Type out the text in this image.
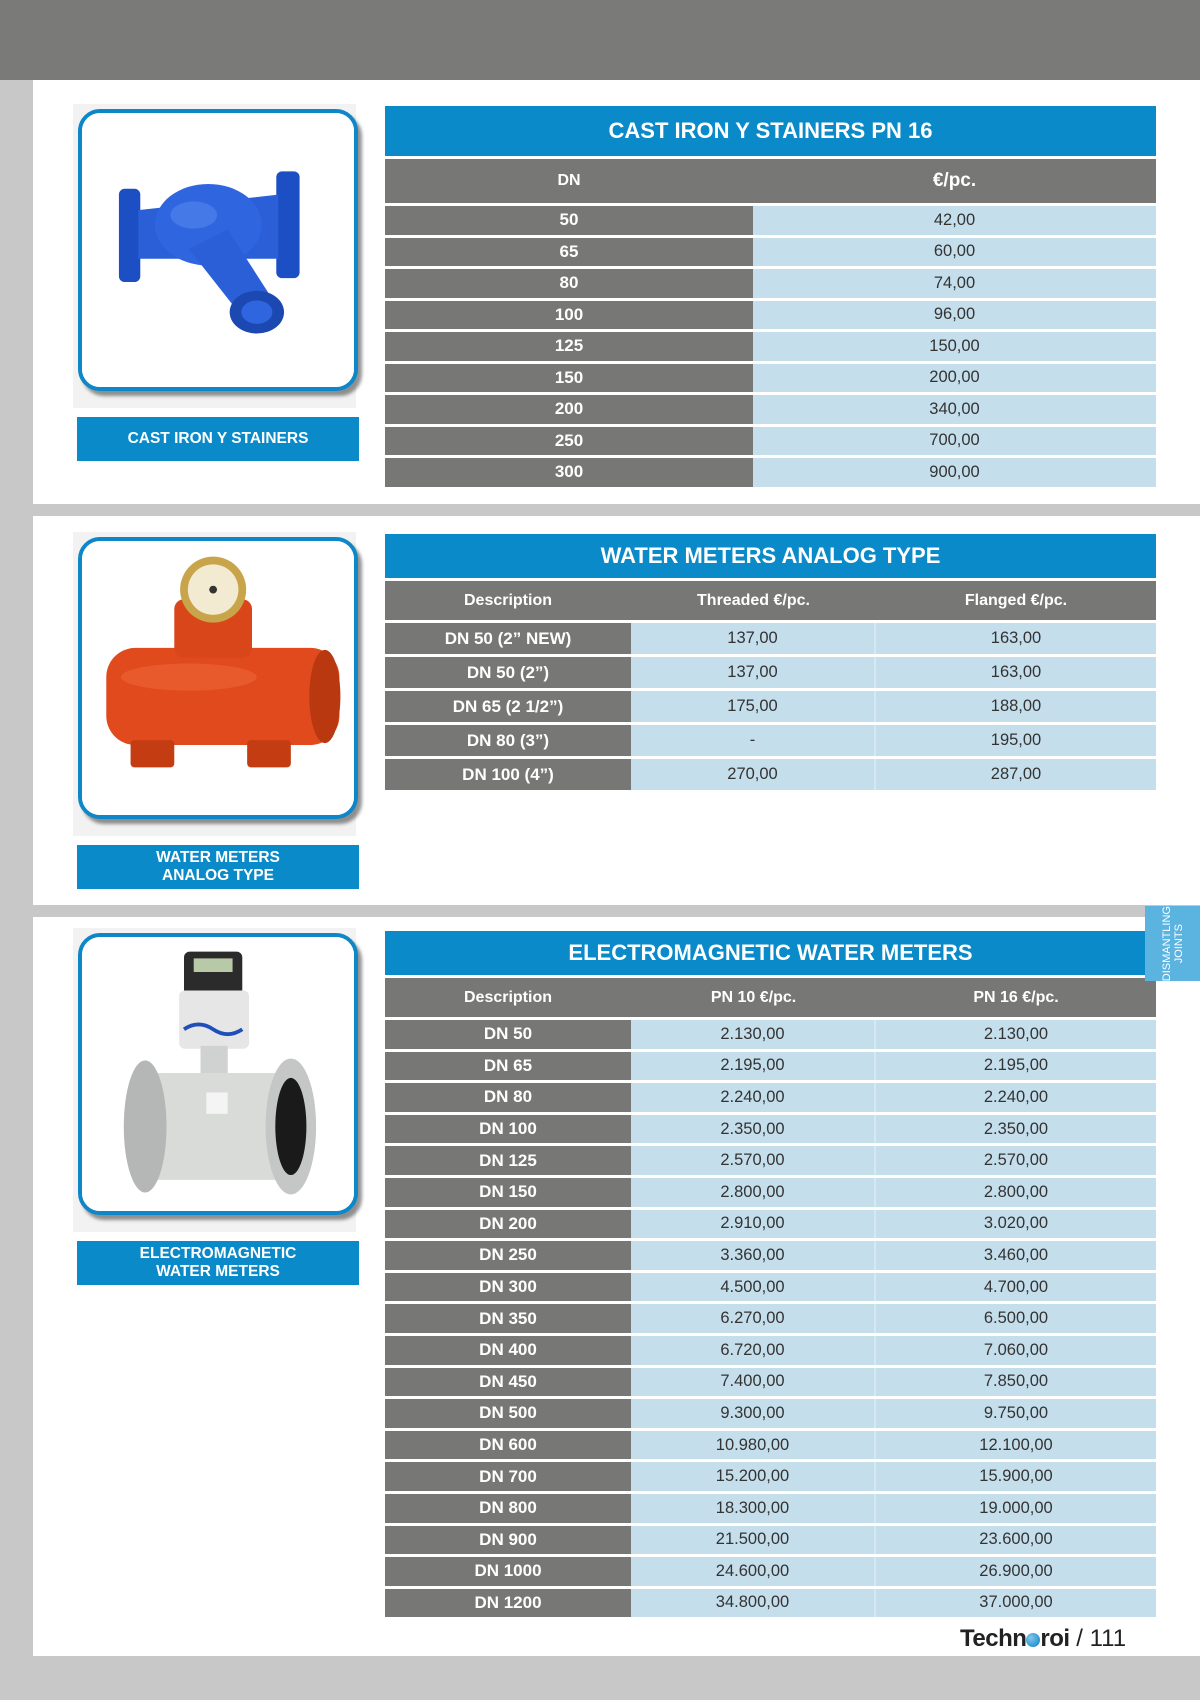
CAST IRON Y STAINERS
CAST IRON Y STAINERS PN 16
DN	€/pc.
50	42,00
65	60,00
80	74,00
100	96,00
125	150,00
150	200,00
200	340,00
250	700,00
300	900,00
WATER METERS
ANALOG TYPE
WATER METERS ANALOG TYPE
Description	Threaded €/pc.	Flanged €/pc.
DN 50 (2” NEW)	137,00	163,00
DN 50 (2”)	137,00	163,00
DN 65 (2 1/2”)	175,00	188,00
DN 80 (3”)	-	195,00
DN 100 (4”)	270,00	287,00
ELECTROMAGNETIC
WATER METERS
ELECTROMAGNETIC WATER METERS
Description	PN 10 €/pc.	PN 16 €/pc.
DN 50	2.130,00	2.130,00
DN 65	2.195,00	2.195,00
DN 80	2.240,00	2.240,00
DN 100	2.350,00	2.350,00
DN 125	2.570,00	2.570,00
DN 150	2.800,00	2.800,00
DN 200	2.910,00	3.020,00
DN 250	3.360,00	3.460,00
DN 300	4.500,00	4.700,00
DN 350	6.270,00	6.500,00
DN 400	6.720,00	7.060,00
DN 450	7.400,00	7.850,00
DN 500	9.300,00	9.750,00
DN 600	10.980,00	12.100,00
DN 700	15.200,00	15.900,00
DN 800	18.300,00	19.000,00
DN 900	21.500,00	23.600,00
DN 1000	24.600,00	26.900,00
DN 1200	34.800,00	37.000,00
Techn roi / 111
DISMANTLING
JOINTS
